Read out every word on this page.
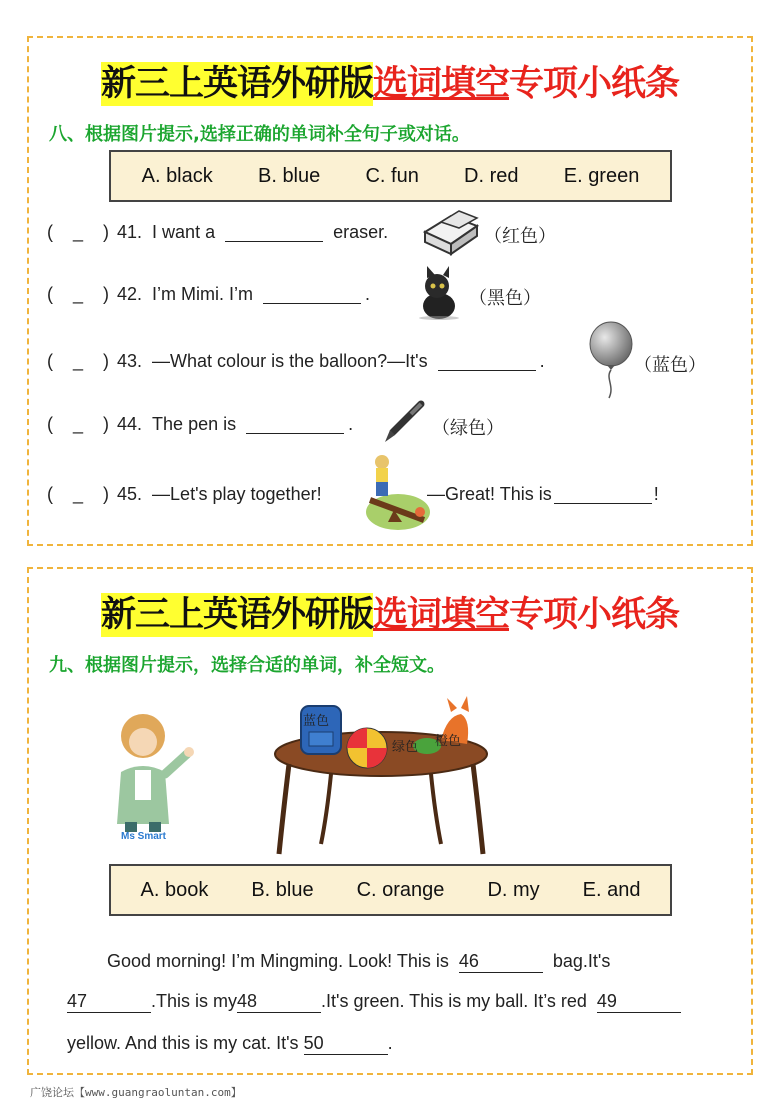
新三上英语外研版选词填空专项小纸条
八、根据图片提示,选择正确的单词补全句子或对话。
A. black B. blue C. fun D. red E. green
(    _    ) 41. I want a	eraser.	（红色）
(    _    ) 42. I’m Mimi. I’m	.	（黑色）
(    _    ) 43. —What colour is the balloon?—It's	.	（蓝色）
(    _    ) 44. The pen is	.	（绿色）
(    _    ) 45. —Let's play together!	—Great! This is	!
新三上英语外研版选词填空专项小纸条
九、根据图片提示，选择合适的单词，补全短文。
Ms Smart
蓝色
绿色 橙色
A. book B. blue C. orange D. my E. and

Good morning! I’m Mingming. Look! This is 46	bag.It's

47	.This is my48	.It's green. This is my ball. It’s red 49

yellow. And this is my cat. It's 50	.

广饶论坛【www.guangraoluntan.com】
